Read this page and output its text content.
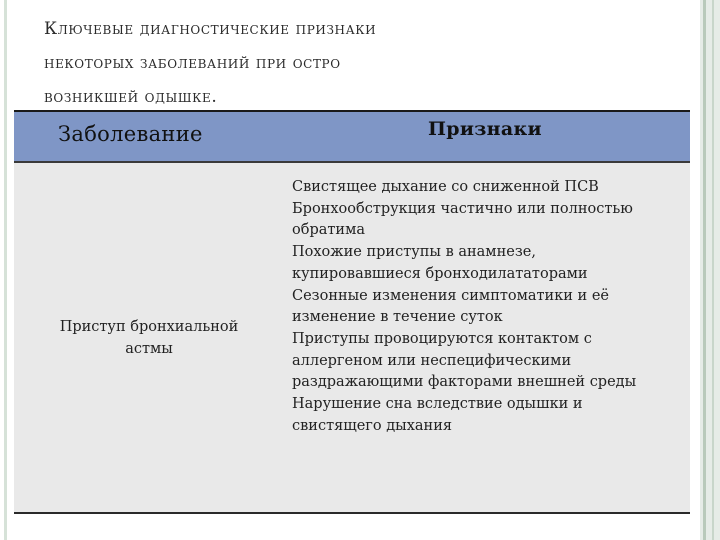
Ключевые диагностические признаки
некоторых заболеваний при остро
возникшей одышке.
Заболевание	Признаки
Приступ бронхиальной астмы
Свистящее дыхание со сниженной ПСВ
Бронхообструкция частично или полностью
обратима
Похожие приступы в анамнезе,
купировавшиеся бронходилататорами
Сезонные изменения симптоматики и её
изменение в течение суток
Приступы провоцируются контактом с
аллергеном или неспецифическими
раздражающими факторами внешней среды
Нарушение сна вследствие одышки и
свистящего дыхания
